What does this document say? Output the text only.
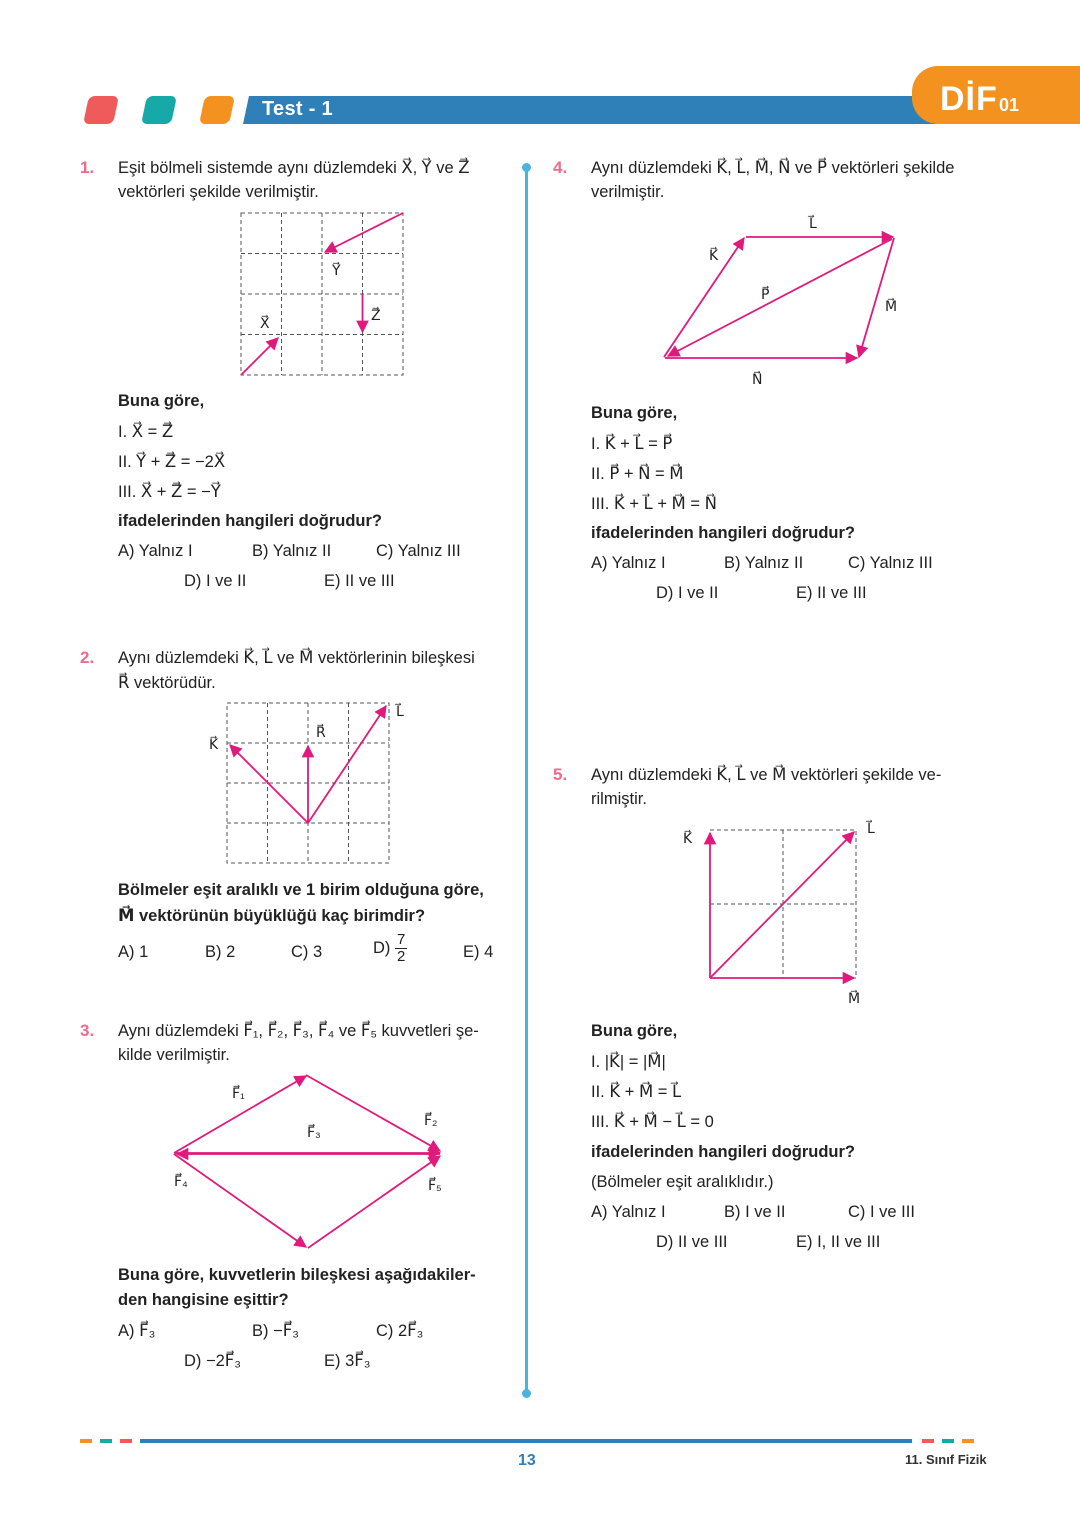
Test - 1	DİF 01
1. Eşit bölmeli sistemde aynı düzlemdeki X⃗, Y⃗ ve Z⃗
vektörleri şekilde verilmiştir.
X⃗
Y⃗
Z⃗
Buna göre,
I. X⃗ = Z⃗
II. Y⃗ + Z⃗ = −2X⃗
III. X⃗ + Z⃗ = −Y⃗
ifadelerinden hangileri doğrudur?
A) Yalnız I	B) Yalnız II	C) Yalnız III
D) I ve II	E) II ve III
2. Aynı düzlemdeki K⃗, L⃗ ve M⃗ vektörlerinin bileşkesi
R⃗ vektörüdür.
K⃗
R⃗
L⃗
Bölmeler eşit aralıklı ve 1 birim olduğuna göre,
M⃗ vektörünün büyüklüğü kaç birimdir?
A) 1	B) 2	C) 3	$D) \frac{7}{2}$	E) 4
3. Aynı düzlemdeki F⃗₁, F⃗₂, F⃗₃, F⃗₄ ve F⃗₅ kuvvetleri şe-
kilde verilmiştir.
F⃗₁
F⃗₂
F⃗₃
F⃗₄	F⃗₅
Buna göre, kuvvetlerin bileşkesi aşağıdakiler-
den hangisine eşittir?
A) F⃗₃	B) −F⃗₃	C) 2F⃗₃
D) −2F⃗₃	E) 3F⃗₃
4. Aynı düzlemdeki K⃗, L⃗, M⃗, N⃗ ve P⃗ vektörleri şekilde
verilmiştir.
K⃗
L⃗
M⃗
N⃗
P⃗
Buna göre,
I. K⃗ + L⃗ = P⃗
II. P⃗ + N⃗ = M⃗
III. K⃗ + L⃗ + M⃗ = N⃗
ifadelerinden hangileri doğrudur?
A) Yalnız I	B) Yalnız II	C) Yalnız III
D) I ve II	E) II ve III
5. Aynı düzlemdeki K⃗, L⃗ ve M⃗ vektörleri şekilde ve-
rilmiştir.
K⃗
L⃗
M⃗
Buna göre,
I. |K⃗| = |M⃗|
II. K⃗ + M⃗ = L⃗
III. K⃗ + M⃗ − L⃗ = 0
ifadelerinden hangileri doğrudur?
(Bölmeler eşit aralıklıdır.)
A) Yalnız I	B) I ve II	C) I ve III
D) II ve III	E) I, II ve III
13	11. Sınıf Fizik
